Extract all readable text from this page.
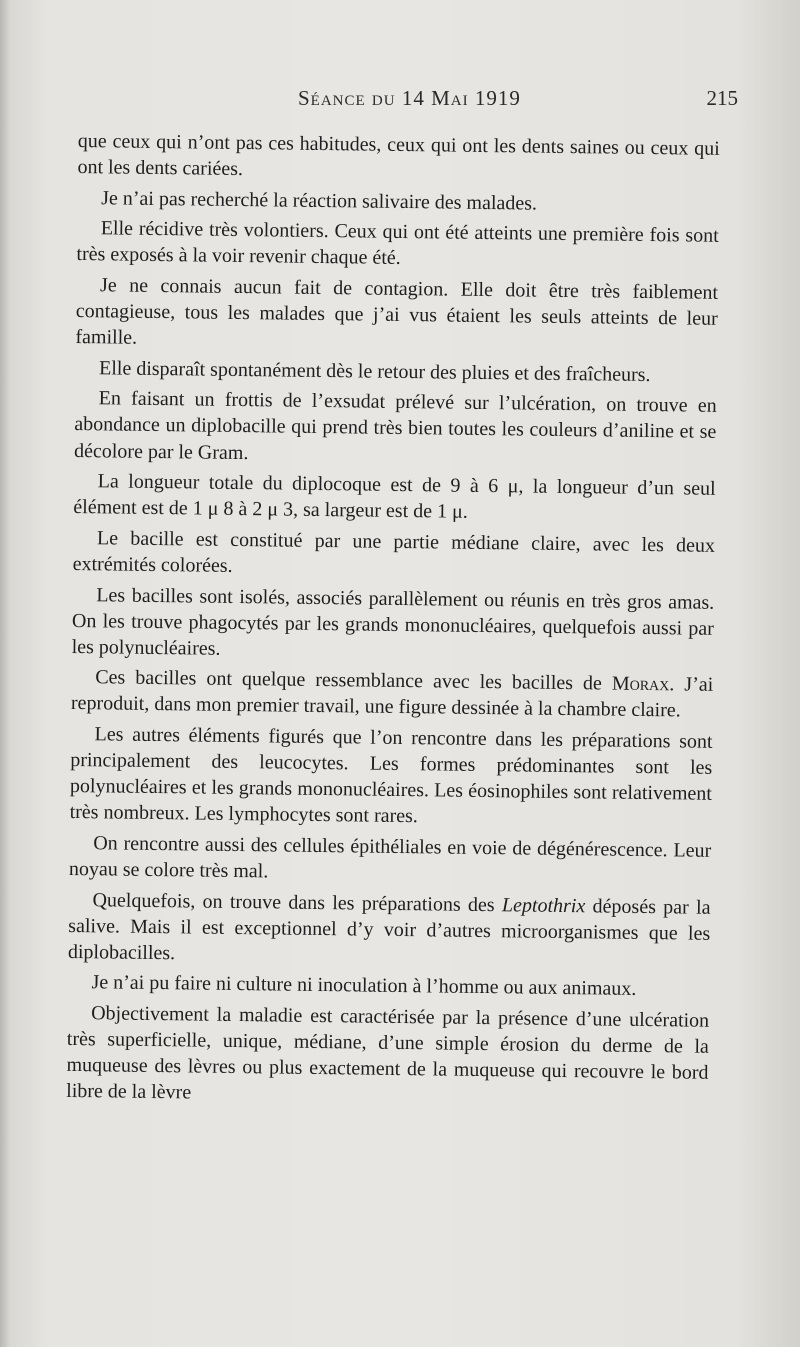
Séance du 14 Mai 1919	215

que ceux qui n’ont pas ces habitudes, ceux qui ont les dents saines ou ceux qui ont les dents cariées.

Je n’ai pas recherché la réaction salivaire des malades.

Elle récidive très volontiers. Ceux qui ont été atteints une première fois sont très exposés à la voir revenir chaque été.

Je ne connais aucun fait de contagion. Elle doit être très faiblement contagieuse, tous les malades que j’ai vus étaient les seuls atteints de leur famille.

Elle disparaît spontanément dès le retour des pluies et des fraîcheurs.

En faisant un frottis de l’exsudat prélevé sur l’ulcération, on trouve en abondance un diplobacille qui prend très bien toutes les couleurs d’aniline et se décolore par le Gram.

La longueur totale du diplocoque est de 9 à 6 μ, la longueur d’un seul élément est de 1 μ 8 à 2 μ 3, sa largeur est de 1 μ.

Le bacille est constitué par une partie médiane claire, avec les deux extrémités colorées.

Les bacilles sont isolés, associés parallèlement ou réunis en très gros amas. On les trouve phagocytés par les grands mononucléaires, quelquefois aussi par les polynucléaires.

Ces bacilles ont quelque ressemblance avec les bacilles de Morax. J’ai reproduit, dans mon premier travail, une figure dessinée à la chambre claire.

Les autres éléments figurés que l’on rencontre dans les préparations sont principalement des leucocytes. Les formes prédominantes sont les polynucléaires et les grands mononucléaires. Les éosinophiles sont relativement très nombreux. Les lymphocytes sont rares.

On rencontre aussi des cellules épithéliales en voie de dégénérescence. Leur noyau se colore très mal.

Quelquefois, on trouve dans les préparations des Leptothrix déposés par la salive. Mais il est exceptionnel d’y voir d’autres microorganismes que les diplobacilles.

Je n’ai pu faire ni culture ni inoculation à l’homme ou aux animaux.

Objectivement la maladie est caractérisée par la présence d’une ulcération très superficielle, unique, médiane, d’une simple érosion du derme de la muqueuse des lèvres ou plus exactement de la muqueuse qui recouvre le bord libre de la lèvre
